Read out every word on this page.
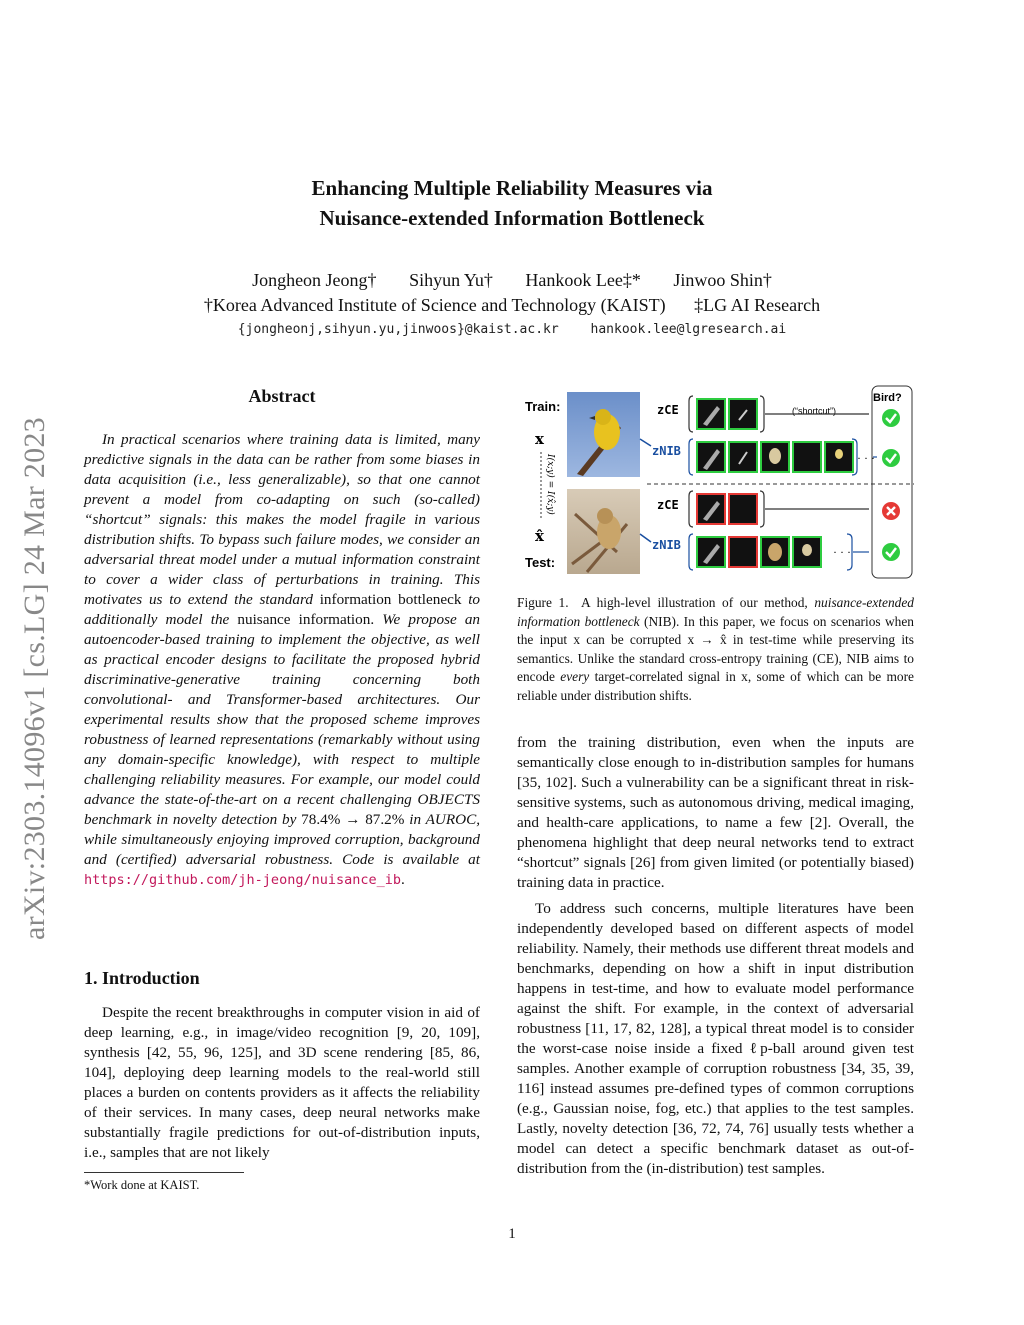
Enhancing Multiple Reliability Measures via
Nuisance-extended Information Bottleneck
Jongheon Jeong† Sihyun Yu† Hankook Lee‡* Jinwoo Shin†
†Korea Advanced Institute of Science and Technology (KAIST) ‡LG AI Research
{jongheonj,sihyun.yu,jinwoos}@kaist.ac.kr hankook.lee@lgresearch.ai
arXiv:2303.14096v1 [cs.LG] 24 Mar 2023
Abstract

In practical scenarios where training data is limited, many predictive signals in the data can be rather from some biases in data acquisition (i.e., less generalizable), so that one cannot prevent a model from co-adapting on such (so-called) “shortcut” signals: this makes the model fragile in various distribution shifts. To bypass such failure modes, we consider an adversarial threat model under a mutual information constraint to cover a wider class of perturbations in training. This motivates us to extend the standard information bottleneck to additionally model the nuisance information. We propose an autoencoder-based training to implement the objective, as well as practical encoder designs to facilitate the proposed hybrid discriminative-generative training concerning both convolutional- and Transformer-based architectures. Our experimental results show that the proposed scheme improves robustness of learned representations (remarkably without using any domain-specific knowledge), with respect to multiple challenging reliability measures. For example, our model could advance the state-of-the-art on a recent challenging OBJECTS benchmark in novelty detection by 78.4% → 87.2% in AUROC, while simultaneously enjoying improved corruption, background and (certified) adversarial robustness. Code is available at https://github.com/jh-jeong/nuisance_ib.

1. Introduction

Despite the recent breakthroughs in computer vision in aid of deep learning, e.g., in image/video recognition [9, 20, 109], synthesis [42, 55, 96, 125], and 3D scene rendering [85, 86, 104], deploying deep learning models to the real-world still places a burden on contents providers as it affects the reliability of their services. In many cases, deep neural networks make substantially fragile predictions for out-of-distribution inputs, i.e., samples that are not likely

*Work done at KAIST.
Train:
x
x̂
I(x;y) = I(x̂;y)
Test:
zCE
zNIB
zCE
zNIB
(“shortcut”)
· · ·
· · ·
Bird?
Figure 1. A high-level illustration of our method, nuisance-extended information bottleneck (NIB). In this paper, we focus on scenarios when the input x can be corrupted x → x̂ in test-time while preserving its semantics. Unlike the standard cross-entropy training (CE), NIB aims to encode every target-correlated signal in x, some of which can be more reliable under distribution shifts.

from the training distribution, even when the inputs are semantically close enough to in-distribution samples for humans [35, 102]. Such a vulnerability can be a significant threat in risk-sensitive systems, such as autonomous driving, medical imaging, and health-care applications, to name a few [2]. Overall, the phenomena highlight that deep neural networks tend to extract “shortcut” signals [26] from given limited (or potentially biased) training data in practice.

To address such concerns, multiple literatures have been independently developed based on different aspects of model reliability. Namely, their methods use different threat models and benchmarks, depending on how a shift in input distribution happens in test-time, and how to evaluate model performance against the shift. For example, in the context of adversarial robustness [11, 17, 82, 128], a typical threat model is to consider the worst-case noise inside a fixed ℓp-ball around given test samples. Another example of corruption robustness [34, 35, 39, 116] instead assumes pre-defined types of common corruptions (e.g., Gaussian noise, fog, etc.) that applies to the test samples. Lastly, novelty detection [36, 72, 74, 76] usually tests whether a model can detect a specific benchmark dataset as out-of-distribution from the (in-distribution) test samples.

1
